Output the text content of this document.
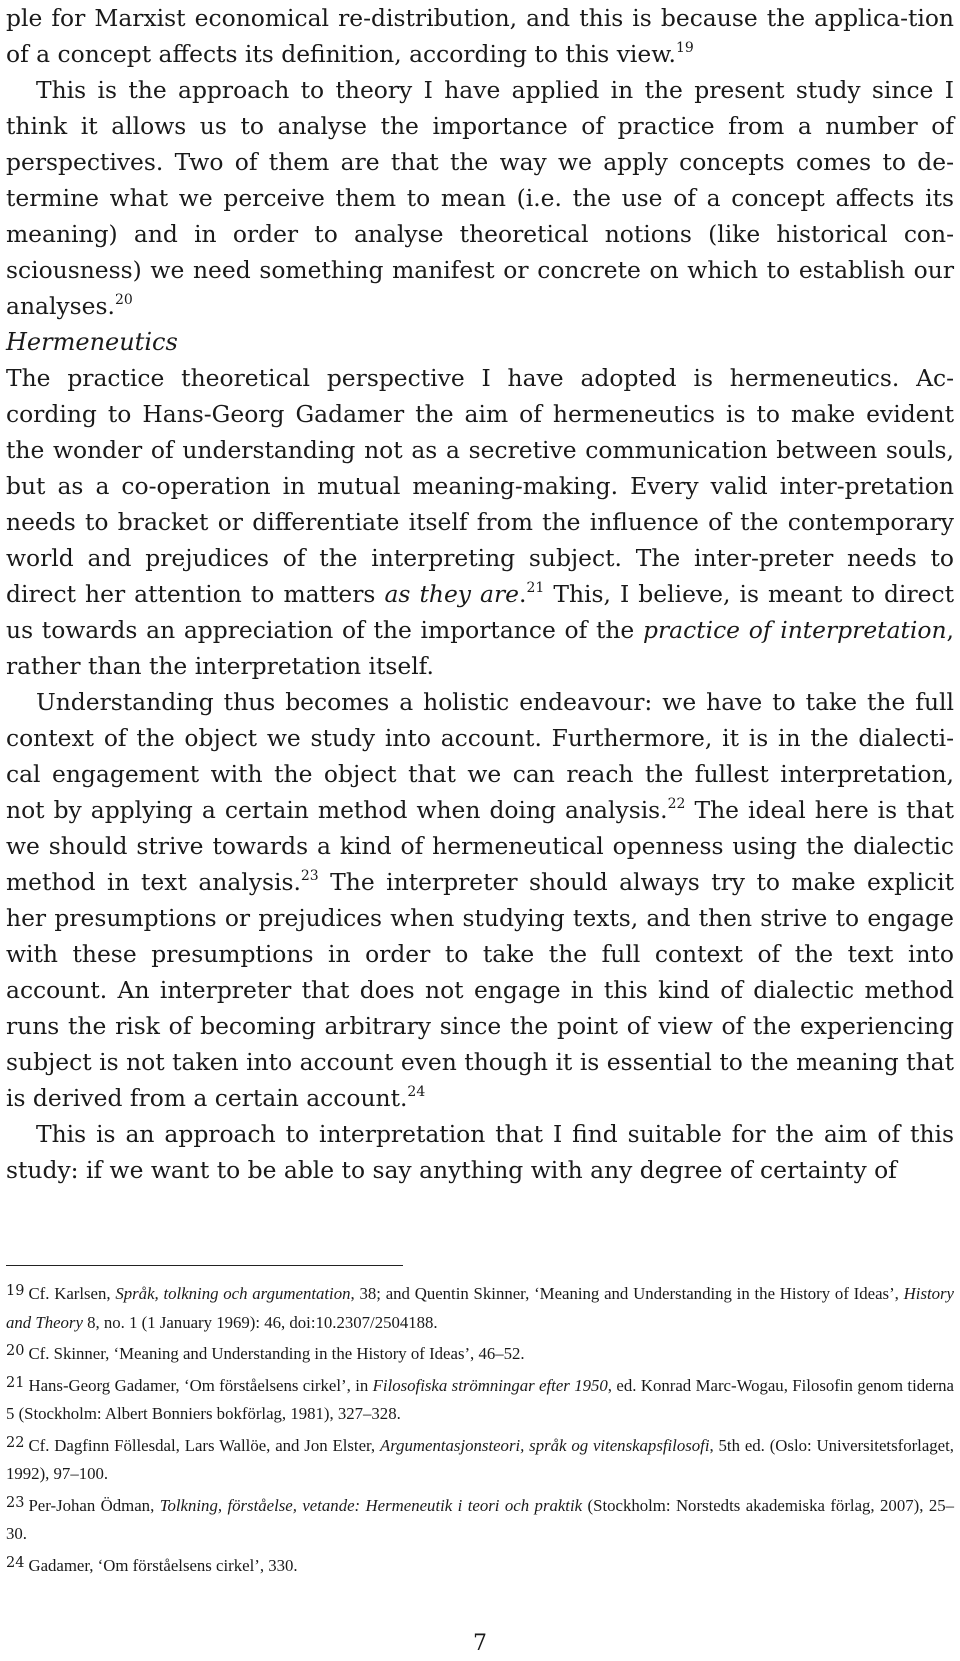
ple for Marxist economical re-distribution, and this is because the applica-tion of a concept affects its definition, according to this view.$^{19}$

This is the approach to theory I have applied in the present study since I think it allows us to analyse the importance of practice from a number of perspectives. Two of them are that the way we apply concepts comes to de-termine what we perceive them to mean (i.e. the use of a concept affects its meaning) and in order to analyse theoretical notions (like historical con-sciousness) we need something manifest or concrete on which to establish our analyses.$^{20}$

Hermeneutics

The practice theoretical perspective I have adopted is hermeneutics. Ac-cording to Hans-Georg Gadamer the aim of hermeneutics is to make evident the wonder of understanding not as a secretive communication between souls, but as a co-operation in mutual meaning-making. Every valid inter-pretation needs to bracket or differentiate itself from the influence of the contemporary world and prejudices of the interpreting subject. The inter-preter needs to direct her attention to matters as they are.$^{21}$ This, I believe, is meant to direct us towards an appreciation of the importance of the practice of interpretation, rather than the interpretation itself.

Understanding thus becomes a holistic endeavour: we have to take the full context of the object we study into account. Furthermore, it is in the dialecti-cal engagement with the object that we can reach the fullest interpretation, not by applying a certain method when doing analysis.$^{22}$ The ideal here is that we should strive towards a kind of hermeneutical openness using the dialectic method in text analysis.$^{23}$ The interpreter should always try to make explicit her presumptions or prejudices when studying texts, and then strive to engage with these presumptions in order to take the full context of the text into account. An interpreter that does not engage in this kind of dialectic method runs the risk of becoming arbitrary since the point of view of the experiencing subject is not taken into account even though it is essential to the meaning that is derived from a certain account.$^{24}$

This is an approach to interpretation that I find suitable for the aim of this study: if we want to be able to say anything with any degree of certainty of

19 Cf. Karlsen, Språk, tolkning och argumentation, 38; and Quentin Skinner, ‘Meaning and Understanding in the History of Ideas’, History and Theory 8, no. 1 (1 January 1969): 46, doi:10.2307/2504188.

20 Cf. Skinner, ‘Meaning and Understanding in the History of Ideas’, 46–52.

21 Hans-Georg Gadamer, ‘Om förståelsens cirkel’, in Filosofiska strömningar efter 1950, ed. Konrad Marc-Wogau, Filosofin genom tiderna 5 (Stockholm: Albert Bonniers bokförlag, 1981), 327–328.

22 Cf. Dagfinn Föllesdal, Lars Wallöe, and Jon Elster, Argumentasjonsteori, språk og vitenskapsfilosofi, 5th ed. (Oslo: Universitetsforlaget, 1992), 97–100.

23 Per-Johan Ödman, Tolkning, förståelse, vetande: Hermeneutik i teori och praktik (Stockholm: Norstedts akademiska förlag, 2007), 25–30.

24 Gadamer, ‘Om förståelsens cirkel’, 330.

7
